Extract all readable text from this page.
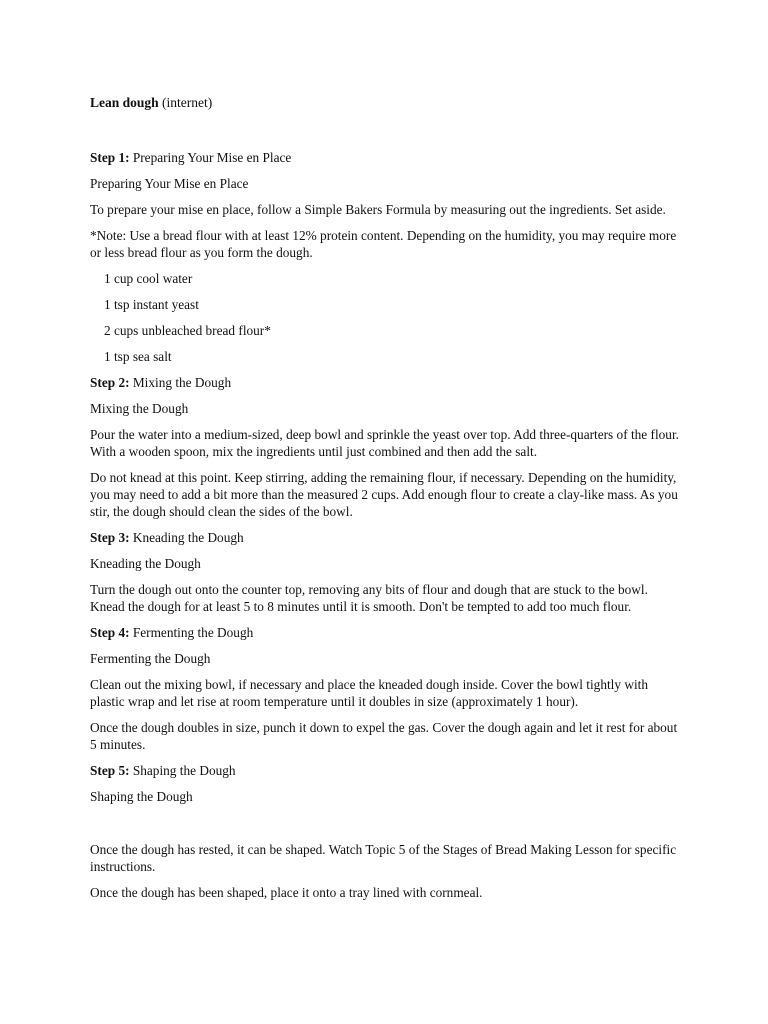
Lean dough (internet)

Step 1: Preparing Your Mise en Place

Preparing Your Mise en Place

To prepare your mise en place, follow a Simple Bakers Formula by measuring out the ingredients. Set aside.

*Note: Use a bread flour with at least 12% protein content. Depending on the humidity, you may require more or less bread flour as you form the dough.

1 cup cool water

1 tsp instant yeast

2 cups unbleached bread flour*

1 tsp sea salt

Step 2: Mixing the Dough

Mixing the Dough

Pour the water into a medium-sized, deep bowl and sprinkle the yeast over top. Add three-quarters of the flour. With a wooden spoon, mix the ingredients until just combined and then add the salt.

Do not knead at this point. Keep stirring, adding the remaining flour, if necessary. Depending on the humidity, you may need to add a bit more than the measured 2 cups. Add enough flour to create a clay-like mass. As you stir, the dough should clean the sides of the bowl.

Step 3: Kneading the Dough

Kneading the Dough

Turn the dough out onto the counter top, removing any bits of flour and dough that are stuck to the bowl. Knead the dough for at least 5 to 8 minutes until it is smooth. Don't be tempted to add too much flour.

Step 4: Fermenting the Dough

Fermenting the Dough

Clean out the mixing bowl, if necessary and place the kneaded dough inside. Cover the bowl tightly with plastic wrap and let rise at room temperature until it doubles in size (approximately 1 hour).

Once the dough doubles in size, punch it down to expel the gas. Cover the dough again and let it rest for about 5 minutes.

Step 5: Shaping the Dough

Shaping the Dough

Once the dough has rested, it can be shaped. Watch Topic 5 of the Stages of Bread Making Lesson for specific instructions.

Once the dough has been shaped, place it onto a tray lined with cornmeal.
